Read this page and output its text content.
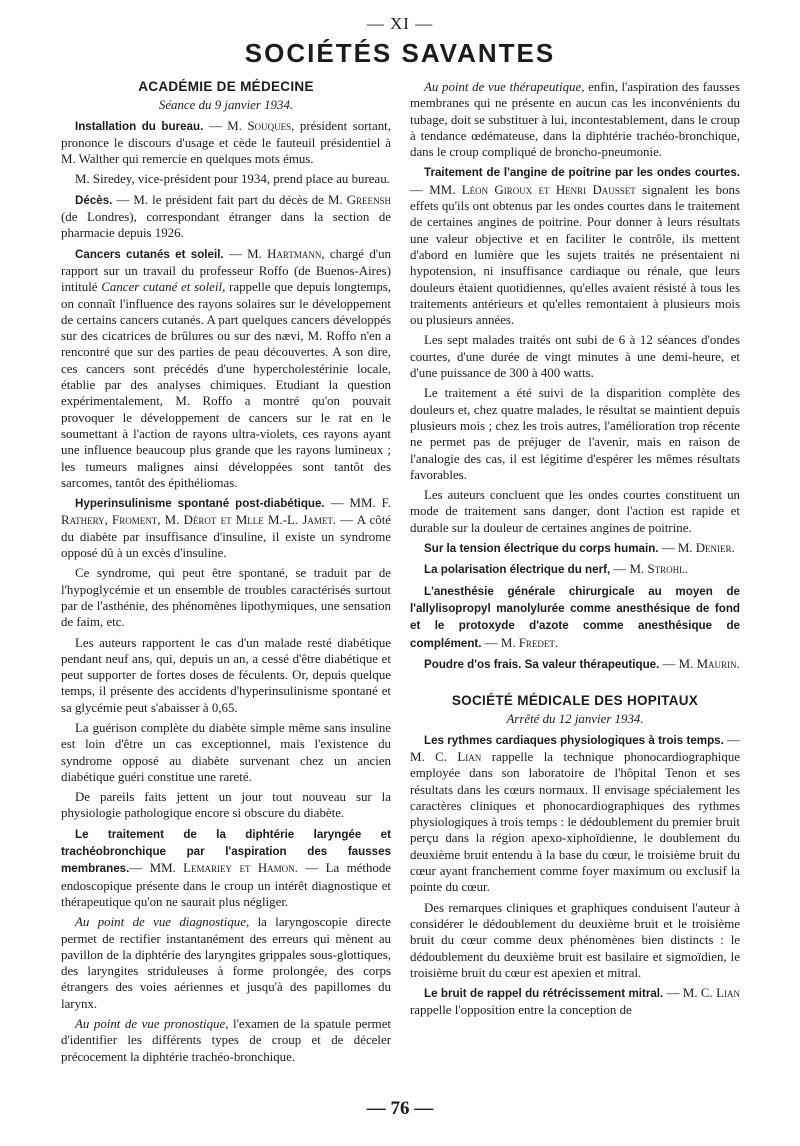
— XI —
SOCIÉTÉS SAVANTES
ACADÉMIE DE MÉDECINE

Séance du 9 janvier 1934.

Installation du bureau. — M. Souques, président sortant, prononce le discours d'usage et cède le fauteuil présidentiel à M. Walther qui remercie en quelques mots émus.

M. Siredey, vice-président pour 1934, prend place au bureau.

Décès. — M. le président fait part du décès de M. Greensh (de Londres), correspondant étranger dans la section de pharmacie depuis 1926.

Cancers cutanés et soleil. — M. Hartmann, chargé d'un rapport sur un travail du professeur Roffo (de Buenos-Aires) intitulé Cancer cutané et soleil, rappelle que depuis longtemps, on connaît l'influence des rayons solaires sur le développement de certains cancers cutanés. A part quelques cancers développés sur des cicatrices de brûlures ou sur des nævi, M. Roffo n'en a rencontré que sur des parties de peau découvertes. A son dire, ces cancers sont précédés d'une hypercholestérinie locale, établie par des analyses chimiques. Etudiant la question expérimentalement, M. Roffo a montré qu'on pouvait provoquer le développement de cancers sur le rat en le soumettant à l'action de rayons ultra-violets, ces rayons ayant une influence beaucoup plus grande que les rayons lumineux ; les tumeurs malignes ainsi développées sont tantôt des sarcomes, tantôt des épithéliomas.

Hyperinsulinisme spontané post-diabétique. — MM. F. Rathery, Froment, M. Dérot et Mlle M.-L. Jamet. — A côté du diabète par insuffisance d'insuline, il existe un syndrome opposé dû à un excès d'insuline.

Ce syndrome, qui peut être spontané, se traduit par de l'hypoglycémie et un ensemble de troubles caractérisés surtout par de l'asthénie, des phénomènes lipothymiques, une sensation de faim, etc.

Les auteurs rapportent le cas d'un malade resté diabétique pendant neuf ans, qui, depuis un an, a cessé d'être diabétique et peut supporter de fortes doses de féculents. Or, depuis quelque temps, il présente des accidents d'hyperinsulinisme spontané et sa glycémie peut s'abaisser à 0,65.

La guérison complète du diabète simple même sans insuline est loin d'être un cas exceptionnel, mais l'existence du syndrome opposé au diabète survenant chez un ancien diabétique guéri constitue une rareté.

De pareils faits jettent un jour tout nouveau sur la physiologie pathologique encore si obscure du diabète.

Le traitement de la diphtérie laryngée et trachéobronchique par l'aspiration des fausses membranes.— MM. Lemariey et Hamon. — La méthode endoscopique présente dans le croup un intérêt diagnostique et thérapeutique qu'on ne saurait plus négliger.

Au point de vue diagnostique, la laryngoscopie directe permet de rectifier instantanément des erreurs qui mènent au pavillon de la diphtérie des laryngites grippales sous-glottiques, des laryngites striduleuses à forme prolongée, des corps étrangers des voies aériennes et jusqu'à des papillomes du larynx.

Au point de vue pronostique, l'examen de la spatule permet d'identifier les différents types de croup et de déceler précocement la diphtérie trachéo-bronchique.

Au point de vue thérapeutique, enfin, l'aspiration des fausses membranes qui ne présente en aucun cas les inconvénients du tubage, doit se substituer à lui, incontestablement, dans le croup à tendance œdémateuse, dans la diphtérie trachéo-bronchique, dans le croup compliqué de broncho-pneumonie.

Traitement de l'angine de poitrine par les ondes courtes. — MM. Léon Giroux et Henri Dausset signalent les bons effets qu'ils ont obtenus par les ondes courtes dans le traitement de certaines angines de poitrine. Pour donner à leurs résultats une valeur objective et en faciliter le contrôle, ils mettent d'abord en lumière que les sujets traités ne présentaient ni hypotension, ni insuffisance cardiaque ou rénale, que leurs douleurs étaient quotidiennes, qu'elles avaient résisté à tous les traitements antérieurs et qu'elles remontaient à plusieurs mois ou plusieurs années.

Les sept malades traités ont subi de 6 à 12 séances d'ondes courtes, d'une durée de vingt minutes à une demi-heure, et d'une puissance de 300 à 400 watts.

Le traitement a été suivi de la disparition complète des douleurs et, chez quatre malades, le résultat se maintient depuis plusieurs mois ; chez les trois autres, l'amélioration trop récente ne permet pas de préjuger de l'avenir, mais en raison de l'analogie des cas, il est légitime d'espérer les mêmes résultats favorables.

Les auteurs concluent que les ondes courtes constituent un mode de traitement sans danger, dont l'action est rapide et durable sur la douleur de certaines angines de poitrine.

Sur la tension électrique du corps humain. — M. Denier.

La polarisation électrique du nerf, — M. Strohl.

L'anesthésie générale chirurgicale au moyen de l'allylisopropyl manolylurée comme anesthésique de fond et le protoxyde d'azote comme anesthésique de complément. — M. Fredet.

Poudre d'os frais. Sa valeur thérapeutique. — M. Maurin.

SOCIÉTÉ MÉDICALE DES HOPITAUX

Arrêté du 12 janvier 1934.

Les rythmes cardiaques physiologiques à trois temps. — M. C. Lian rappelle la technique phonocardiographique employée dans son laboratoire de l'hôpital Tenon et ses résultats dans les cœurs normaux. Il envisage spécialement les caractères cliniques et phonocardiographiques des rythmes physiologiques à trois temps : le dédoublement du premier bruit perçu dans la région apexo-xiphoïdienne, le doublement du deuxième bruit entendu à la base du cœur, le troisième bruit du cœur ayant franchement comme foyer maximum ou exclusif la pointe du cœur.

Des remarques cliniques et graphiques conduisent l'auteur à considérer le dédoublement du deuxième bruit et le troisième bruit du cœur comme deux phénomènes bien distincts : le dédoublement du deuxième bruit est basilaire et sigmoïdien, le troisième bruit du cœur est apexien et mitral.

Le bruit de rappel du rétrécissement mitral. — M. C. Lian rappelle l'opposition entre la conception de

— 76 —
